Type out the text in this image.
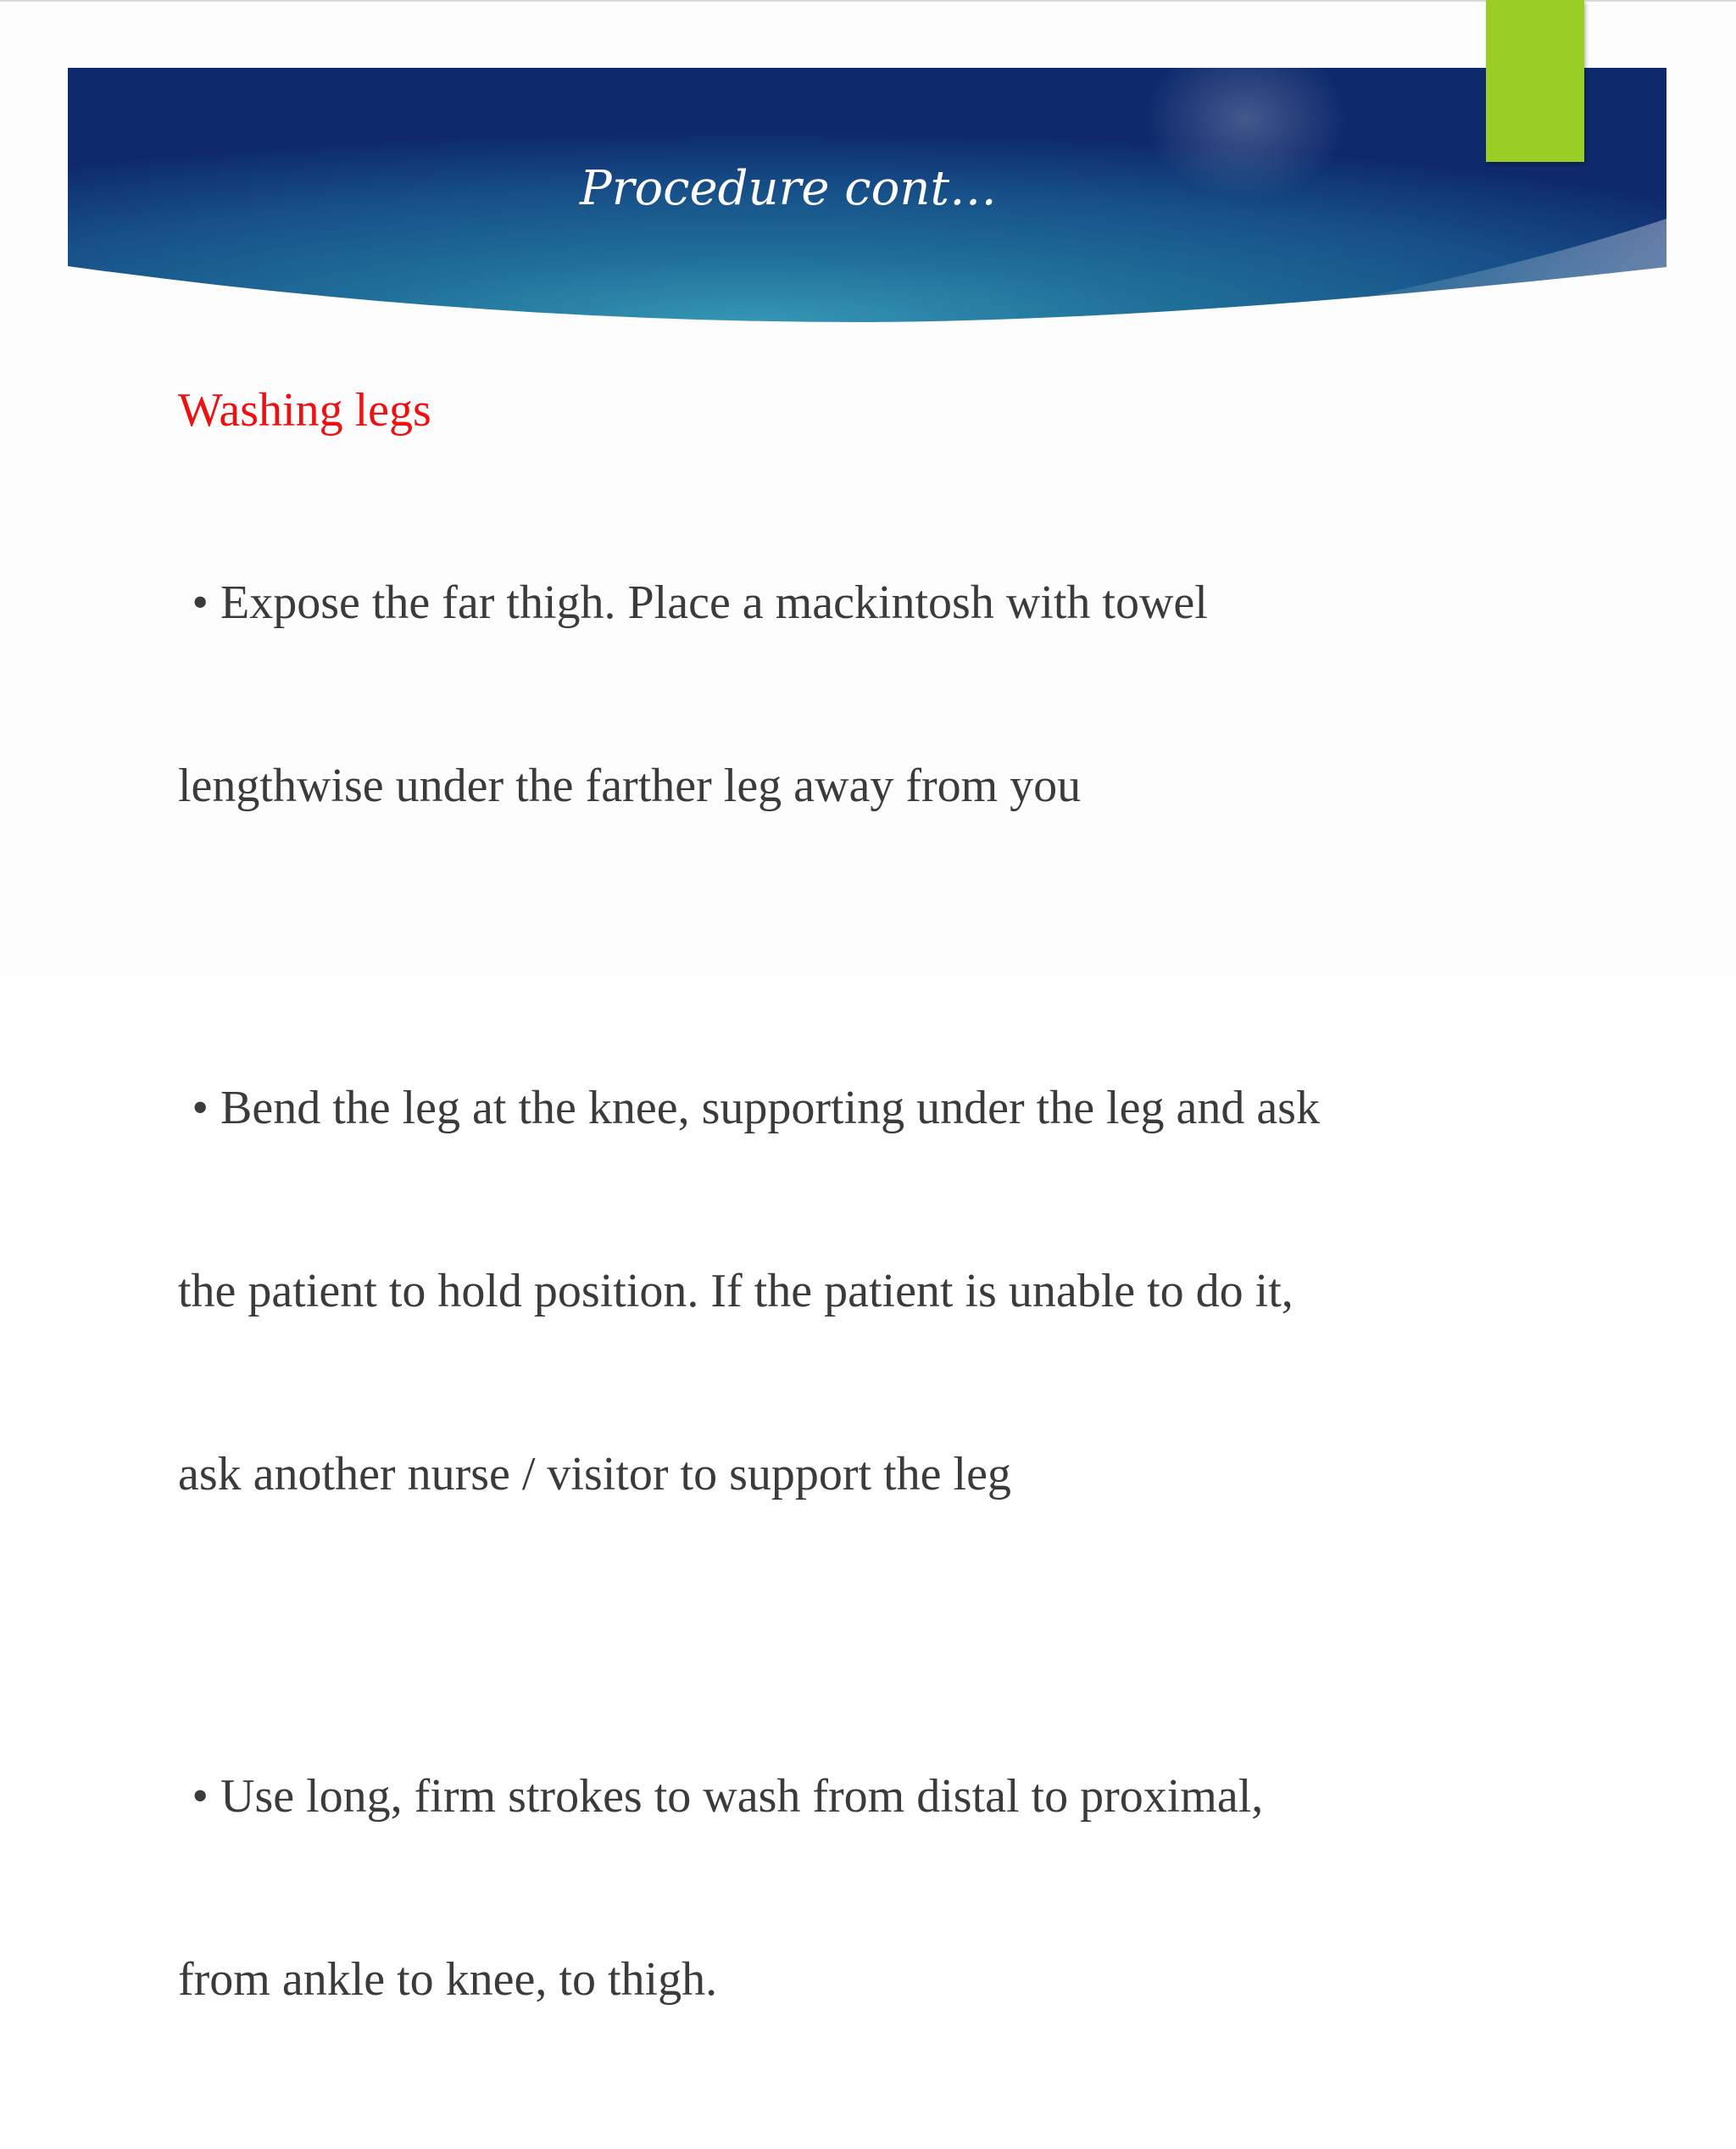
Procedure cont…
Washing legs

• Expose the far thigh. Place a mackintosh with towel

lengthwise under the farther leg away from you

• Bend the leg at the knee, supporting under the leg and ask

the patient to hold position. If the patient is unable to do it,

ask another nurse / visitor to support the leg

• Use long, firm strokes to wash from distal to proximal,

from ankle to knee, to thigh.
